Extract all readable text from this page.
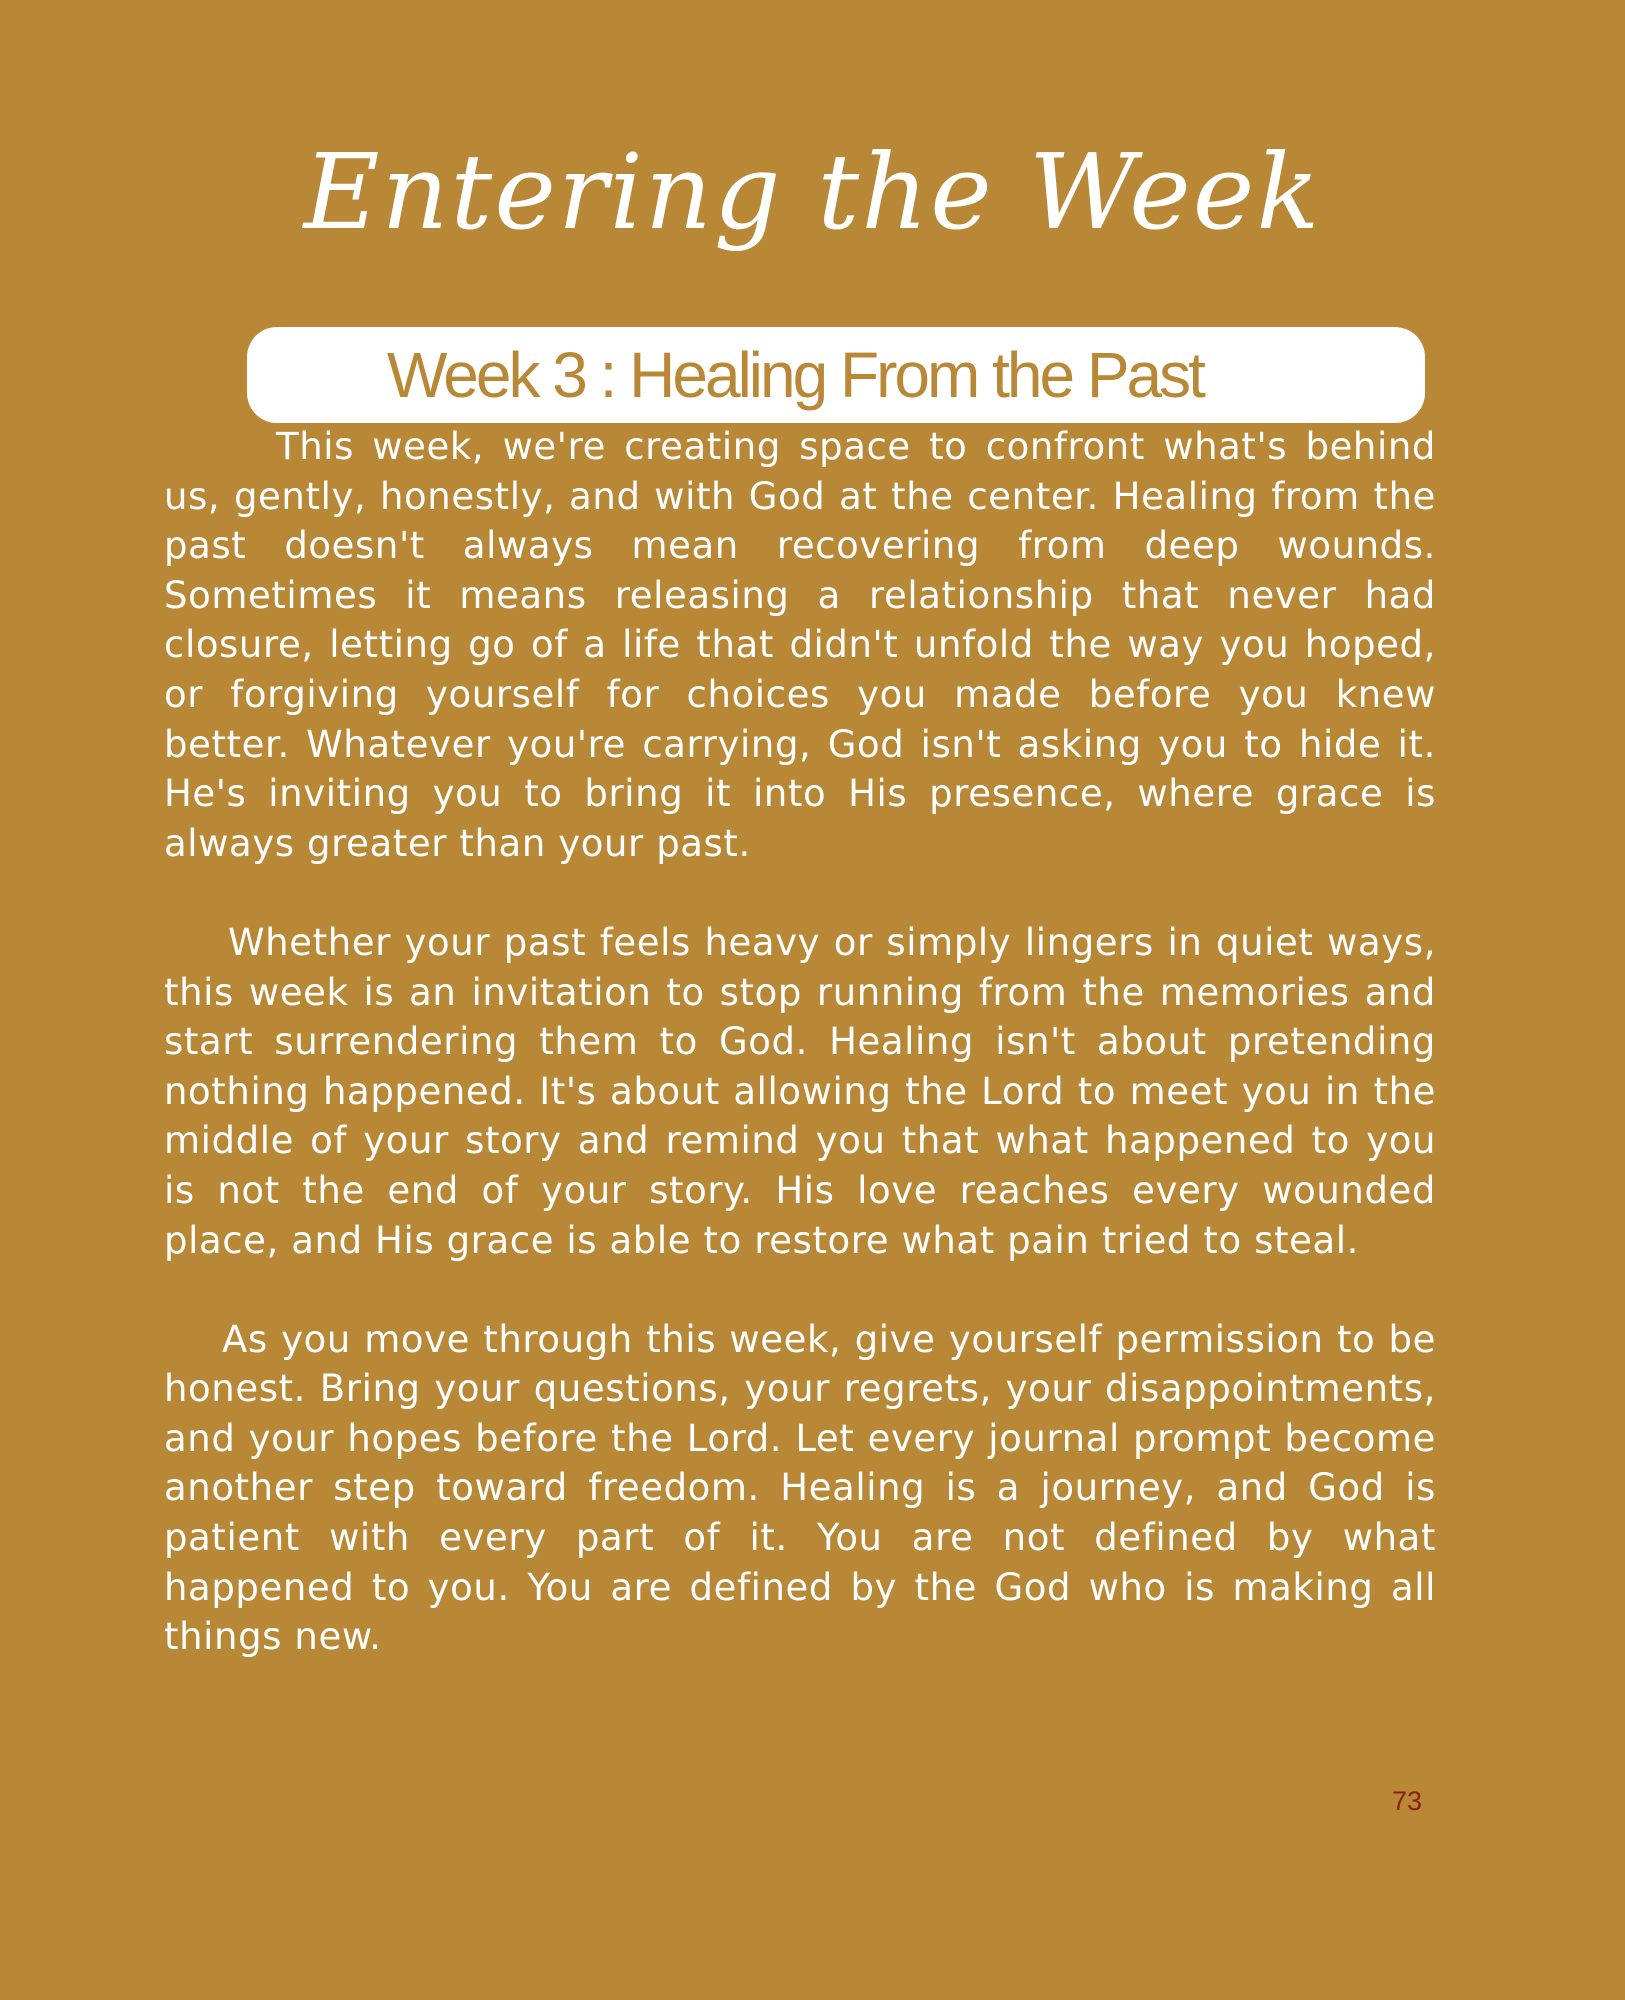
Entering the Week
Week 3 : Healing From the Past

This week, we're creating space to confront what's behind us, gently, honestly, and with God at the center. Healing from the past doesn't always mean recovering from deep wounds. Sometimes it means releasing a relationship that never had closure, letting go of a life that didn't unfold the way you hoped, or forgiving yourself for choices you made before you knew better. Whatever you're carrying, God isn't asking you to hide it. He's inviting you to bring it into His presence, where grace is always greater than your past.

Whether your past feels heavy or simply lingers in quiet ways, this week is an invitation to stop running from the memories and start surrendering them to God. Healing isn't about pretending nothing happened. It's about allowing the Lord to meet you in the middle of your story and remind you that what happened to you is not the end of your story. His love reaches every wounded place, and His grace is able to restore what pain tried to steal.

As you move through this week, give yourself permission to be honest. Bring your questions, your regrets, your disappointments, and your hopes before the Lord. Let every journal prompt become another step toward freedom. Healing is a journey, and God is patient with every part of it. You are not defined by what happened to you. You are defined by the God who is making all things new.

73
